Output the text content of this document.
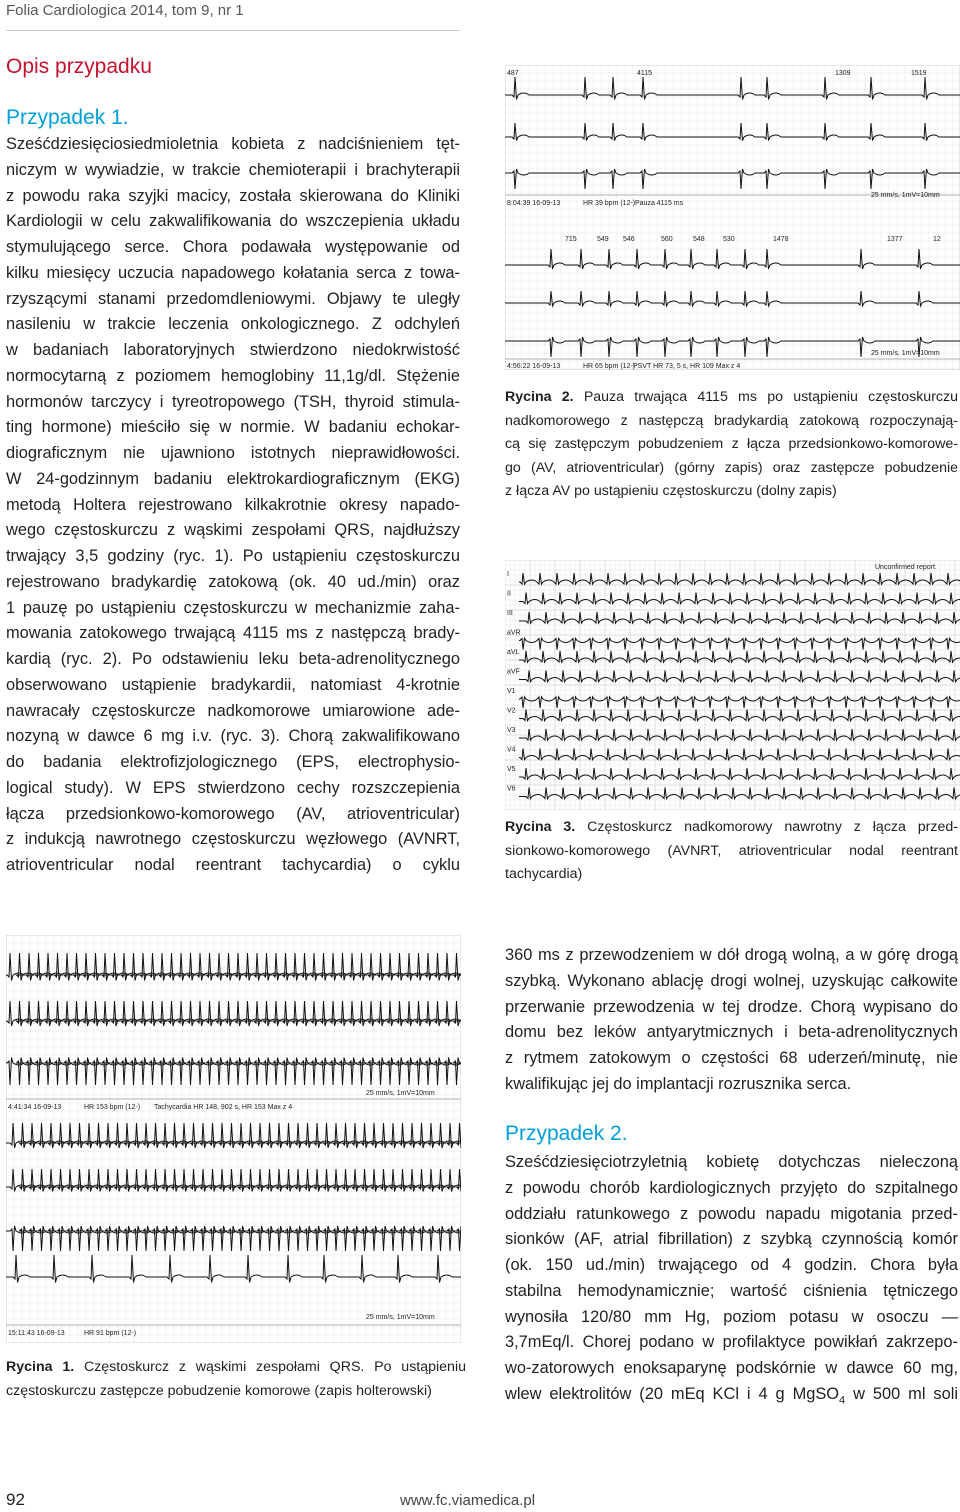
Folia Cardiologica 2014, tom 9, nr 1
Opis przypadku
Przypadek 1.

Sześćdziesięciosiedmioletnia kobieta z nadciśnieniem tęt-

niczym w wywiadzie, w trakcie chemioterapii i brachyterapii

z powodu raka szyjki macicy, została skierowana do Kliniki

Kardiologii w celu zakwalifikowania do wszczepienia układu

stymulującego serce. Chora podawała występowanie od

kilku miesięcy uczucia napadowego kołatania serca z towa-

rzyszącymi stanami przedomdleniowymi. Objawy te uległy

nasileniu w trakcie leczenia onkologicznego. Z odchyleń

w badaniach laboratoryjnych stwierdzono niedokrwistość

normocytarną z poziomem hemoglobiny 11,1g/dl. Stężenie

hormonów tarczycy i tyreotropowego (TSH, thyroid stimula-

ting hormone) mieściło się w normie. W badaniu echokar-

diograficznym nie ujawniono istotnych nieprawidłowości.

W 24-godzinnym badaniu elektrokardiograficznym (EKG)

metodą Holtera rejestrowano kilkakrotnie okresy napado-

wego częstoskurczu z wąskimi zespołami QRS, najdłuższy

trwający 3,5 godziny (ryc. 1). Po ustąpieniu częstoskurczu

rejestrowano bradykardię zatokową (ok. 40 ud./min) oraz

1 pauzę po ustąpieniu częstoskurczu w mechanizmie zaha-

mowania zatokowego trwającą 4115 ms z następczą brady-

kardią (ryc. 2). Po odstawieniu leku beta-adrenolitycznego

obserwowano ustąpienie bradykardii, natomiast 4-krotnie

nawracały częstoskurcze nadkomorowe umiarowione ade-

nozyną w dawce 6 mg i.v. (ryc. 3). Chorą zakwalifikowano

do badania elektrofizjologicznego (EPS, electrophysio-

logical study). W EPS stwierdzono cechy rozszczepienia

łącza przedsionkowo-komorowego (AV, atrioventricular)

z indukcją nawrotnego częstoskurczu węzłowego (AVNRT,

atrioventricular nodal reentrant tachycardia) o cyklu

487	4115	1309	1519
8:04:39 16-09-13	HR 39 bpm (12-) Pauza 4115 ms
25 mm/s, 1mV=10mm
715	549 546	560	548	530	1478	1377	12
4:56:22 16-09-13	HR 65 bpm (12-)
PSVT HR 73, 5 s, HR 109 Max z 4
25 mm/s, 1mV=10mm

Rycina 2. Pauza trwająca 4115 ms po ustąpieniu częstoskurczu

nadkomorowego z następczą bradykardią zatokową rozpoczynają-

cą się zastępczym pobudzeniem z łącza przedsionkowo-komorowe-

go (AV, atrioventricular) (górny zapis) oraz zastępcze pobudzenie

z łącza AV po ustąpieniu częstoskurczu (dolny zapis)

Unconfirmed report.
I
II
III
aVR
aVL
aVF
V1
V2
V3
V4
V5
V6

Rycina 3. Częstoskurcz nadkomorowy nawrotny z łącza przed-

sionkowo-komorowego (AVNRT, atrioventricular nodal reentrant

tachycardia)

25 mm/s, 1mV=10mm
4:41:34 16-09-13	HR 153 bpm (12-) Tachycardia HR 148, 902 s, HR 153 Max z 4
25 mm/s, 1mV=10mm
15:11:43 16-09-13	HR 91 bpm (12-)

Rycina 1. Częstoskurcz z wąskimi zespołami QRS. Po ustąpieniu

częstoskurczu zastępcze pobudzenie komorowe (zapis holterowski)

360 ms z przewodzeniem w dół drogą wolną, a w górę drogą

szybką. Wykonano ablację drogi wolnej, uzyskując całkowite

przerwanie przewodzenia w tej drodze. Chorą wypisano do

domu bez leków antyarytmicznych i beta-adrenolitycznych

z rytmem zatokowym o częstości 68 uderzeń/minutę, nie

kwalifikując jej do implantacji rozrusznika serca.

Przypadek 2.

Sześćdziesięciotrzyletnią kobietę dotychczas nieleczoną

z powodu chorób kardiologicznych przyjęto do szpitalnego

oddziału ratunkowego z powodu napadu migotania przed-

sionków (AF, atrial fibrillation) z szybką czynnością komór

(ok. 150 ud./min) trwającego od 4 godzin. Chora była

stabilna hemodynamicznie; wartość ciśnienia tętniczego

wynosiła 120/80 mm Hg, poziom potasu w osoczu —

3,7mEq/l. Chorej podano w profilaktyce powikłań zakrzepo-

wo-zatorowych enoksaparynę podskórnie w dawce 60 mg,

wlew elektrolitów (20 mEq KCl i 4 g MgSO$_4$ w 500 ml soli

92	www.fc.viamedica.pl
